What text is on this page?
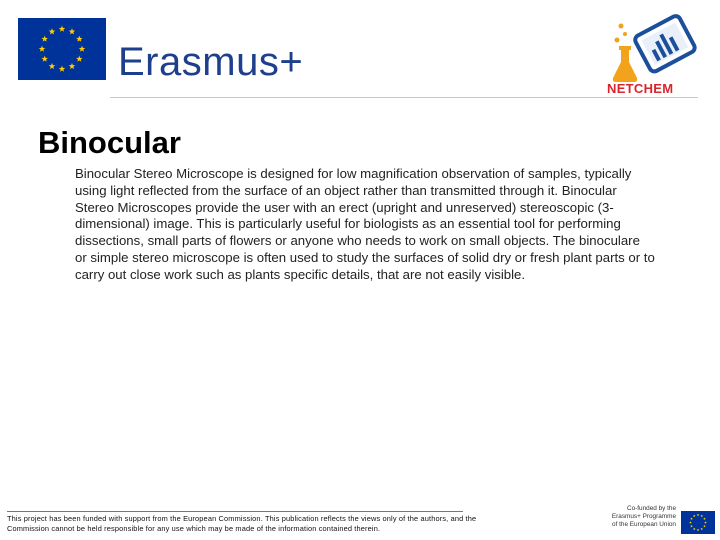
Erasmus+
NETCHEM
Binocular

Binocular Stereo Microscope is designed for low magnification observation of samples, typically using light reflected from the surface of an object rather than transmitted through it. Binocular Stereo Microscopes provide the user with an erect (upright and unreserved) stereoscopic (3-dimensional) image. This is particularly useful for biologists as an essential tool for performing dissections, small parts of flowers or anyone who needs to work on small objects. The binoculare or simple stereo microscope is often used to study the surfaces of solid dry or fresh plant parts or to carry out close work such as plants specific details, that are not easily visible.

This project has been funded with support from the European Commission. This publication reflects the views only of the authors, and the Commission cannot be held responsible for any use which may be made of the information contained therein.

Co-funded by the
Erasmus+ Programme
of the European Union
